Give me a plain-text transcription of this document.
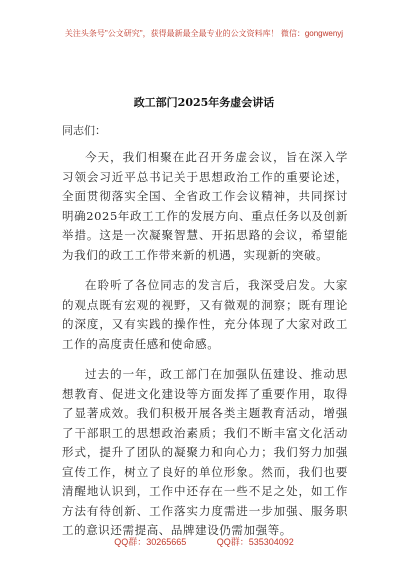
关注头条号"公文研究"，获得最新最全最专业的公文资料库！ 微信：gongwenyj
政工部门2025年务虚会讲话
同志们：

今天，我们相聚在此召开务虚会议，旨在深入学习领会习近平总书记关于思想政治工作的重要论述，全面贯彻落实全国、全省政工作会议精神，共同探讨明确2025年政工工作的发展方向、重点任务以及创新举措。这是一次凝聚智慧、开拓思路的会议，希望能为我们的政工工作带来新的机遇，实现新的突破。

在聆听了各位同志的发言后，我深受启发。大家的观点既有宏观的视野，又有微观的洞察；既有理论的深度，又有实践的操作性，充分体现了大家对政工工作的高度责任感和使命感。

过去的一年，政工部门在加强队伍建设、推动思想教育、促进文化建设等方面发挥了重要作用，取得了显著成效。我们积极开展各类主题教育活动，增强了干部职工的思想政治素质；我们不断丰富文化活动形式，提升了团队的凝聚力和向心力；我们努力加强宣传工作，树立了良好的单位形象。然而，我们也要清醒地认识到，工作中还存在一些不足之处，如工作方法有待创新、工作落实力度需进一步加强、服务职工的意识还需提高、品牌建设仍需加强等。

QQ群：30265665	QQ群：535304092
